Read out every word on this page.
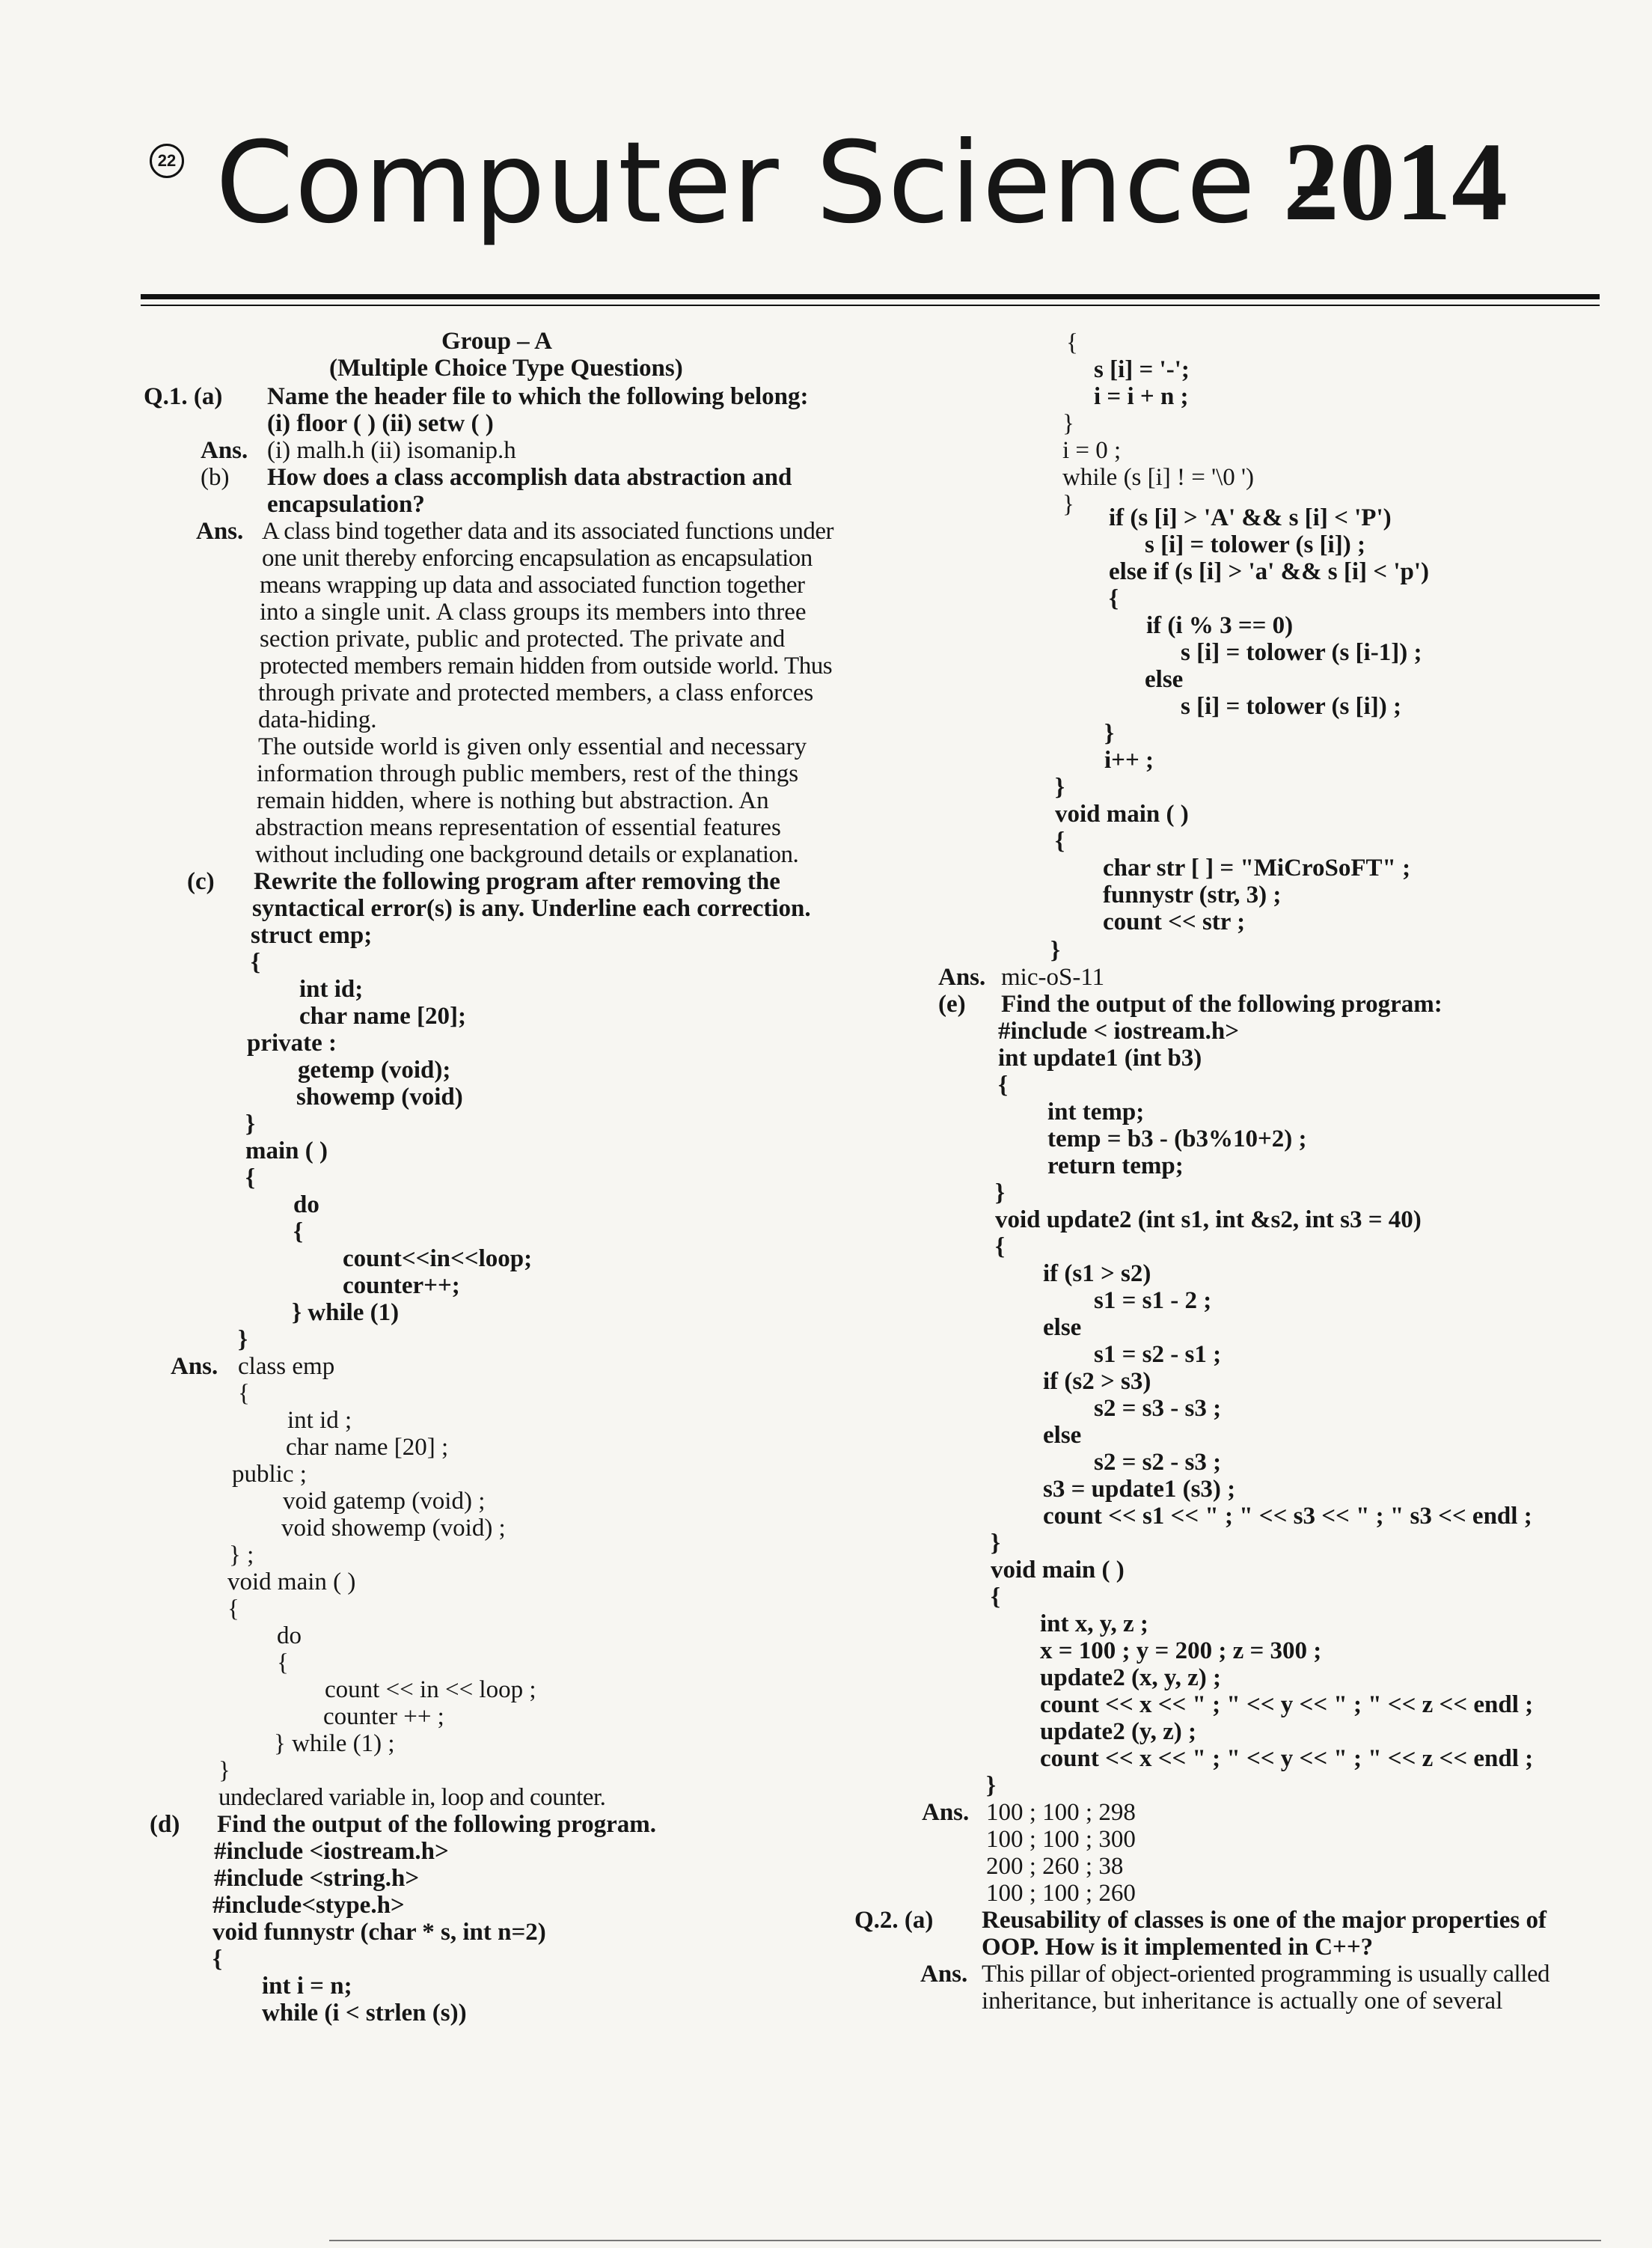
22 Computer Science -
2014
Group – A
(Multiple Choice Type Questions)
Q.1. (a) Name the header file to which the following belong:
(i) floor ( ) (ii) setw ( )
Ans. (i) malh.h (ii) isomanip.h
(b) How does a class accomplish data abstraction and
encapsulation?
Ans. A class bind together data and its associated functions under
one unit thereby enforcing encapsulation as encapsulation
means wrapping up data and associated function together
into a single unit. A class groups its members into three
section private, public and protected. The private and
protected members remain hidden from outside world. Thus
through private and protected members, a class enforces
data-hiding.
The outside world is given only essential and necessary
information through public members, rest of the things
remain hidden, where is nothing but abstraction. An
abstraction means representation of essential features
without including one background details or explanation.
(c) Rewrite the following program after removing the
syntactical error(s) is any. Underline each correction.
struct emp;
{
int id;
char name [20];
private :
getemp (void);
showemp (void)
}
main ( )
{
do
{
count<<in<<loop;
counter++;
} while (1)
}
Ans. class emp
{
int id ;
char name [20] ;
public ;
void gatemp (void) ;
void showemp (void) ;
} ;
void main ( )
{
do
{
count << in << loop ;
counter ++ ;
} while (1) ;
}
undeclared variable in, loop and counter.
(d) Find the output of the following program.
#include <iostream.h>
#include <string.h>
#include<stype.h>
void funnystr (char * s, int n=2)
{
int i = n;
while (i < strlen (s))
{
s [i] = '-';
i = i + n ;
}
i = 0 ;
while (s [i] ! = '\0 ')
} if (s [i] > 'A' && s [i] < 'P')
s [i] = tolower (s [i]) ;
else if (s [i] > 'a' && s [i] < 'p')
{
if (i % 3 == 0)
s [i] = tolower (s [i-1]) ;
else
s [i] = tolower (s [i]) ;
}
i++ ;
}
void main ( )
{
char str [ ] = "MiCroSoFT" ;
funnystr (str, 3) ;
count << str ;
}
Ans. mic-oS-11
(e) Find the output of the following program:
#include < iostream.h>
int update1 (int b3)
{
int temp;
temp = b3 - (b3%10+2) ;
return temp;
}
void update2 (int s1, int &s2, int s3 = 40)
{
if (s1 > s2)
s1 = s1 - 2 ;
else
s1 = s2 - s1 ;
if (s2 > s3)
s2 = s3 - s3 ;
else
s2 = s2 - s3 ;
s3 = update1 (s3) ;
count << s1 << " ; " << s3 << " ; " s3 << endl ;
}
void main ( )
{
int x, y, z ;
x = 100 ; y = 200 ; z = 300 ;
update2 (x, y, z) ;
count << x << " ; " << y << " ; " << z << endl ;
update2 (y, z) ;
count << x << " ; " << y << " ; " << z << endl ;
}
Ans. 100 ; 100 ; 298
100 ; 100 ; 300
200 ; 260 ; 38
100 ; 100 ; 260
Q.2. (a) Reusability of classes is one of the major properties of
OOP. How is it implemented in C++?
Ans. This pillar of object-oriented programming is usually called
inheritance, but inheritance is actually one of several
